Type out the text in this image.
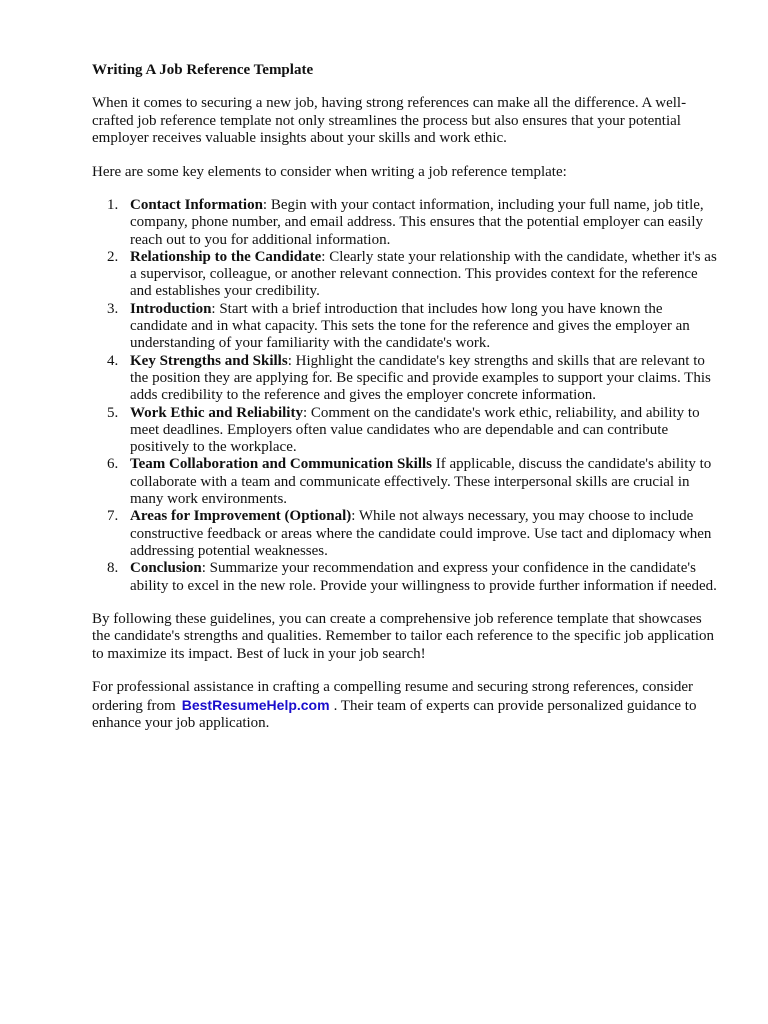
Writing A Job Reference Template

When it comes to securing a new job, having strong references can make all the difference. A well-crafted job reference template not only streamlines the process but also ensures that your potential employer receives valuable insights about your skills and work ethic.

Here are some key elements to consider when writing a job reference template:

1. Contact Information: Begin with your contact information, including your full name, job title, company, phone number, and email address. This ensures that the potential employer can easily reach out to you for additional information.
2. Relationship to the Candidate: Clearly state your relationship with the candidate, whether it's as a supervisor, colleague, or another relevant connection. This provides context for the reference and establishes your credibility.
3. Introduction: Start with a brief introduction that includes how long you have known the candidate and in what capacity. This sets the tone for the reference and gives the employer an understanding of your familiarity with the candidate's work.
4. Key Strengths and Skills: Highlight the candidate's key strengths and skills that are relevant to the position they are applying for. Be specific and provide examples to support your claims. This adds credibility to the reference and gives the employer concrete information.
5. Work Ethic and Reliability: Comment on the candidate's work ethic, reliability, and ability to meet deadlines. Employers often value candidates who are dependable and can contribute positively to the workplace.
6. Team Collaboration and Communication Skills If applicable, discuss the candidate's ability to collaborate with a team and communicate effectively. These interpersonal skills are crucial in many work environments.
7. Areas for Improvement (Optional): While not always necessary, you may choose to include constructive feedback or areas where the candidate could improve. Use tact and diplomacy when addressing potential weaknesses.
8. Conclusion: Summarize your recommendation and express your confidence in the candidate's ability to excel in the new role. Provide your willingness to provide further information if needed.

By following these guidelines, you can create a comprehensive job reference template that showcases the candidate's strengths and qualities. Remember to tailor each reference to the specific job application to maximize its impact. Best of luck in your job search!

For professional assistance in crafting a compelling resume and securing strong references, consider ordering from BestResumeHelp.com . Their team of experts can provide personalized guidance to enhance your job application.
